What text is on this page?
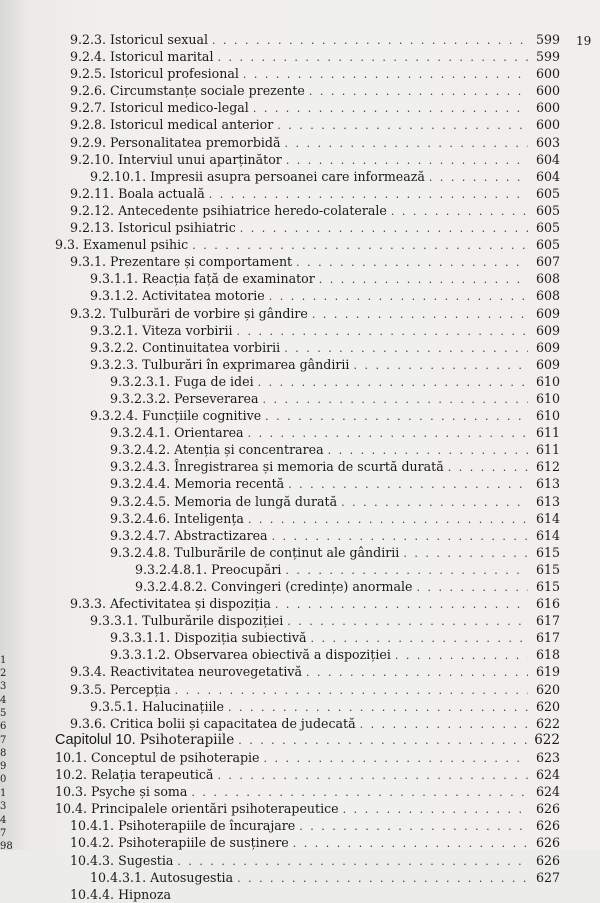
19
1
2
3
4
5
6
7
8
9
0
1
3
4
7
98
9.2.3. Istoricul sexual . . .	599
9.2.4. Istoricul marital . . .	599
9.2.5. Istoricul profesional . . .	600
9.2.6. Circumstanțe sociale prezente . . .	600
9.2.7. Istoricul medico-legal . . .	600
9.2.8. Istoricul medical anterior . . .	600
9.2.9. Personalitatea premorbidă . . .	603
9.2.10. Interviul unui aparținător . . .	604
9.2.10.1. Impresii asupra persoanei care informează . . .	604
9.2.11. Boala actuală . . .	605
9.2.12. Antecedente psihiatrice heredo-colaterale . . .	605
9.2.13. Istoricul psihiatric . . .	605
9.3. Examenul psihic . . .	605
9.3.1. Prezentare și comportament . . .	607
9.3.1.1. Reacția față de examinator . . .	608
9.3.1.2. Activitatea motorie . . .	608
9.3.2. Tulburări de vorbire și gândire . . .	609
9.3.2.1. Viteza vorbirii . . .	609
9.3.2.2. Continuitatea vorbirii . . .	609
9.3.2.3. Tulburări în exprimarea gândirii . . .	609
9.3.2.3.1. Fuga de idei . . .	610
9.3.2.3.2. Perseverarea . . .	610
9.3.2.4. Funcțiile cognitive . . .	610
9.3.2.4.1. Orientarea . . .	611
9.3.2.4.2. Atenția și concentrarea . . .	611
9.3.2.4.3. Înregistrarea și memoria de scurtă durată . . .	612
9.3.2.4.4. Memoria recentă . . .	613
9.3.2.4.5. Memoria de lungă durată . . .	613
9.3.2.4.6. Inteligența . . .	614
9.3.2.4.7. Abstractizarea . . .	614
9.3.2.4.8. Tulburările de conținut ale gândirii . . .	615
9.3.2.4.8.1. Preocupări . . .	615
9.3.2.4.8.2. Convingeri (credințe) anormale . . .	615
9.3.3. Afectivitatea și dispoziția . . .	616
9.3.3.1. Tulburările dispoziției . . .	617
9.3.3.1.1. Dispoziția subiectivă . . .	617
9.3.3.1.2. Observarea obiectivă a dispoziției . . .	618
9.3.4. Reactivitatea neurovegetativă . . .	619
9.3.5. Percepția . . .	620
9.3.5.1. Halucinațiile . . .	620
9.3.6. Critica bolii și capacitatea de judecată . . .	622
Capitolul 10. Psihoterapiile . . .	622
10.1. Conceptul de psihoterapie . . .	623
10.2. Relația terapeutică . . .	624
10.3. Psyche și soma . . .	624
10.4. Principalele orientări psihoterapeutice . . .	626
10.4.1. Psihoterapiile de încurajare . . .	626
10.4.2. Psihoterapiile de susținere . . .	626
10.4.3. Sugestia . . .	626
10.4.3.1. Autosugestia . . .	627
10.4.4. Hipnoza
